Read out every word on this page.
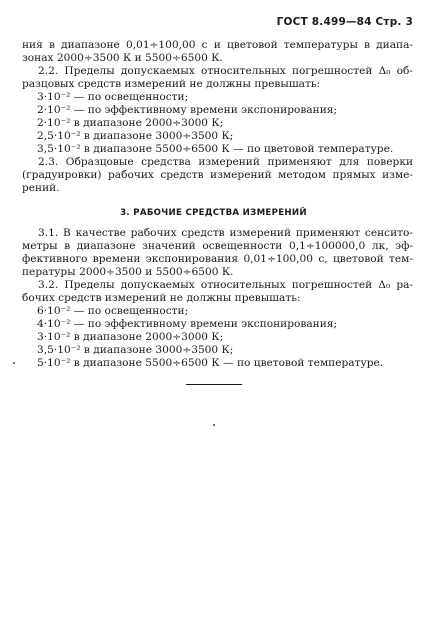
ГОСТ 8.499—84 Стр. 3
ния в диапазоне 0,01÷100,00 с и цветовой температуры в диапа-
зонах 2000÷3500 К и 5500÷6500 К.
2.2. Пределы допускаемых относительных погрешностей Δ₀ об-
разцовых средств измерений не должны превышать:
3·10⁻² — по освещенности;
2·10⁻² — по эффективному времени экспонирования;
2·10⁻² в диапазоне 2000÷3000 К;
2,5·10⁻² в диапазоне 3000÷3500 К;
3,5·10⁻² в диапазоне 5500÷6500 К — по цветовой температуре.
2.3. Образцовые средства измерений применяют для поверки
(градуировки) рабочих средств измерений методом прямых изме-
рений.
3. РАБОЧИЕ СРЕДСТВА ИЗМЕРЕНИЙ
3.1. В качестве рабочих средств измерений применяют сенсито-
метры в диапазоне значений освещенности 0,1÷100000,0 лк, эф-
фективного времени экспонирования 0,01÷100,00 с, цветовой тем-
пературы 2000÷3500 и 5500÷6500 К.
3.2. Пределы допускаемых относительных погрешностей Δ₀ ра-
бочих средств измерений не должны превышать:
6·10⁻² — по освещенности;
4·10⁻² — по эффективному времени экспонирования;
3·10⁻² в диапазоне 2000÷3000 К;
3,5·10⁻² в диапазоне 3000÷3500 К;
5·10⁻² в диапазоне 5500÷6500 К — по цветовой температуре.
